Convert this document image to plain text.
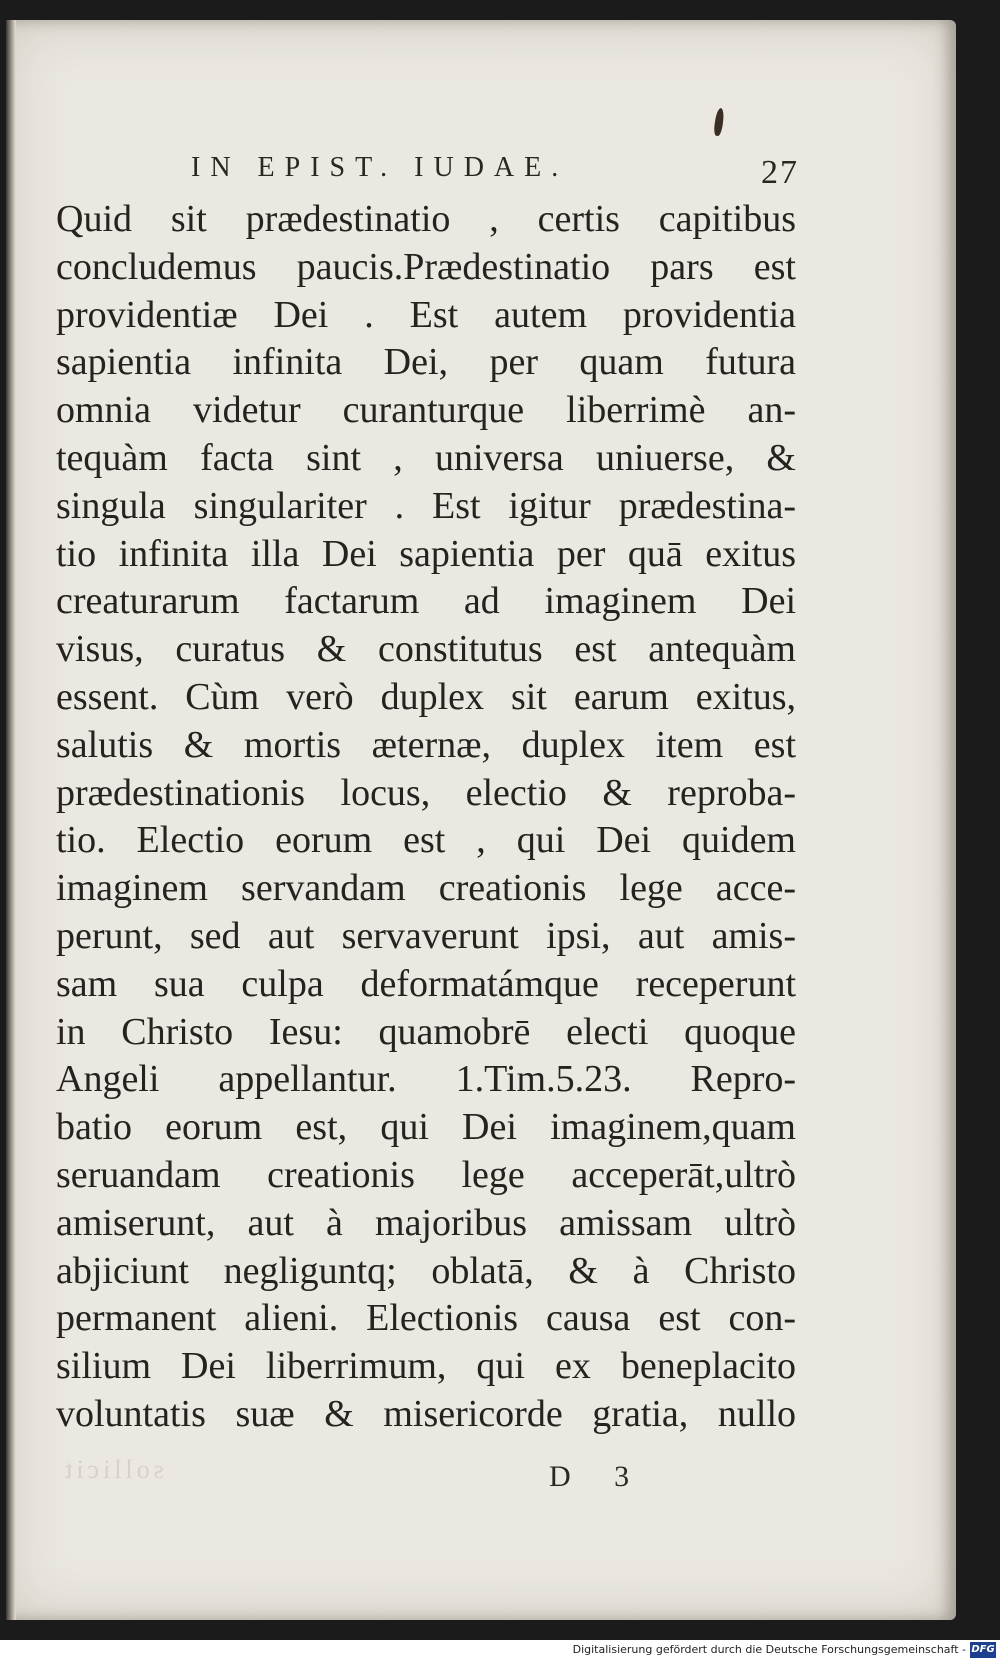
IN EPIST. IUDAE.	27
Quid sit prædestinatio , certis capitibus
concludemus paucis.Prædestinatio pars est
providentiæ Dei . Est autem providentia
sapientia infinita Dei, per quam futura
omnia videtur curanturque liberrimè an-
tequàm facta sint , universa uniuerse, &
singula singulariter . Est igitur prædestina-
tio infinita illa Dei sapientia per quā exitus
creaturarum factarum ad imaginem Dei
visus, curatus & constitutus est antequàm
essent. Cùm verò duplex sit earum exitus,
salutis & mortis æternæ, duplex item est
prædestinationis locus, electio & reproba-
tio. Electio eorum est , qui Dei quidem
imaginem servandam creationis lege acce-
perunt, sed aut servaverunt ipsi, aut amis-
sam sua culpa deformatámque receperunt
in Christo Iesu: quamobrē electi quoque
Angeli appellantur. 1.Tim.5.23. Repro-
batio eorum est, qui Dei imaginem,quam
seruandam creationis lege acceperāt,ultrò
amiserunt, aut à majoribus amissam ultrò
abjiciunt negliguntq; oblatā, & à Christo
permanent alieni. Electionis causa est con-
silium Dei liberrimum, qui ex beneplacito
voluntatis suæ & misericorde gratia, nullo
sollicit	D 3
Digitalisierung gefördert durch die Deutsche Forschungsgemeinschaft - DFG
